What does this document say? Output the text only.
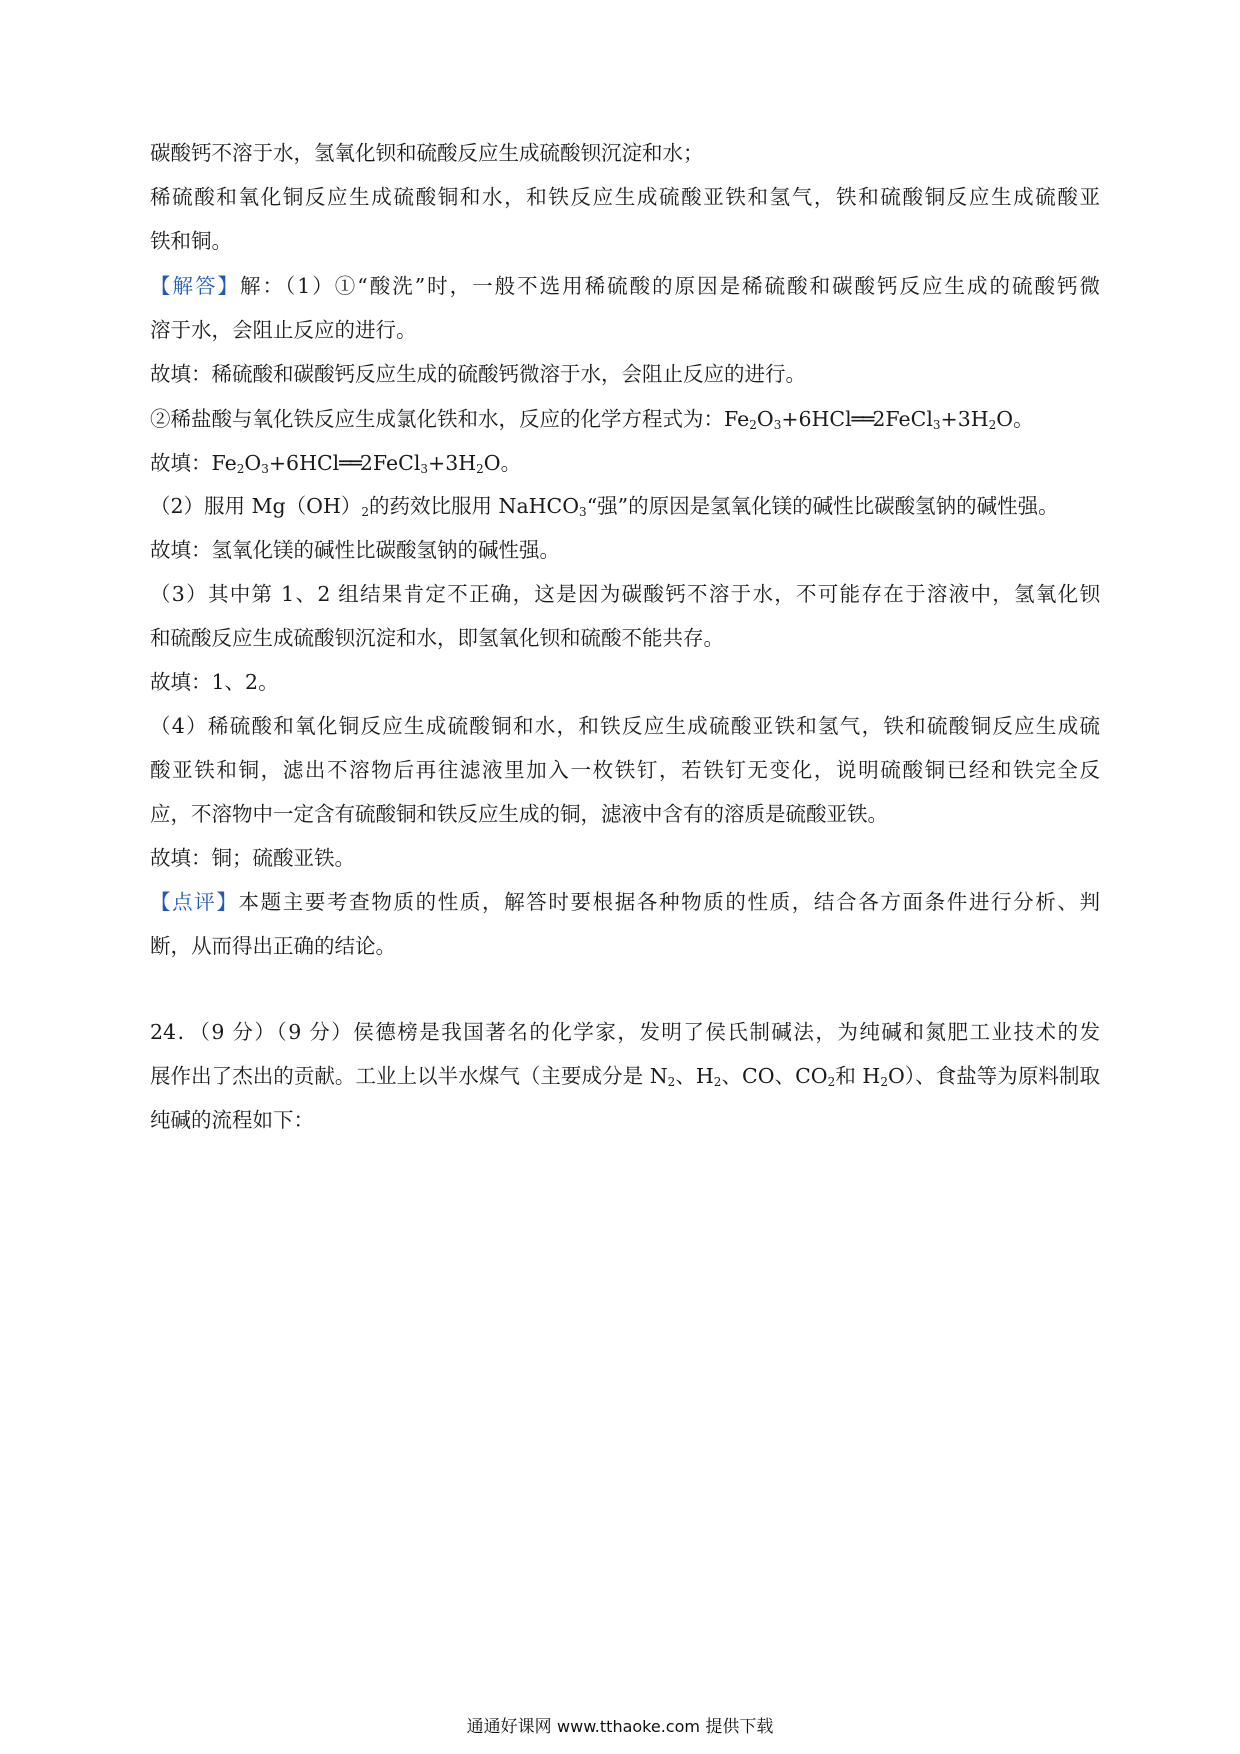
碳酸钙不溶于水，氢氧化钡和硫酸反应生成硫酸钡沉淀和水；
稀硫酸和氧化铜反应生成硫酸铜和水，和铁反应生成硫酸亚铁和氢气，铁和硫酸铜反应生成硫酸亚
铁和铜。
【解答】解：（1）①“酸洗”时，一般不选用稀硫酸的原因是稀硫酸和碳酸钙反应生成的硫酸钙微
溶于水，会阻止反应的进行。
故填：稀硫酸和碳酸钙反应生成的硫酸钙微溶于水，会阻止反应的进行。
②稀盐酸与氧化铁反应生成氯化铁和水，反应的化学方程式为：$Fe_2O_3+6HCl══2FeCl_3+3H_2O$。
故填：$Fe_2O_3+6HCl══2FeCl_3+3H_2O$。
（2）服用 $Mg(OH)_2$的药效比服用 NaHCO$_3$“强”的原因是氢氧化镁的碱性比碳酸氢钠的碱性强。
故填：氢氧化镁的碱性比碳酸氢钠的碱性强。
（3）其中第 1、2 组结果肯定不正确，这是因为碳酸钙不溶于水，不可能存在于溶液中，氢氧化钡
和硫酸反应生成硫酸钡沉淀和水，即氢氧化钡和硫酸不能共存。
故填：1、2。
（4）稀硫酸和氧化铜反应生成硫酸铜和水，和铁反应生成硫酸亚铁和氢气，铁和硫酸铜反应生成硫
酸亚铁和铜，滤出不溶物后再往滤液里加入一枚铁钉，若铁钉无变化，说明硫酸铜已经和铁完全反
应，不溶物中一定含有硫酸铜和铁反应生成的铜，滤液中含有的溶质是硫酸亚铁。
故填：铜；硫酸亚铁。
【点评】本题主要考查物质的性质，解答时要根据各种物质的性质，结合各方面条件进行分析、判
断，从而得出正确的结论。
24．（9 分）（9 分）侯德榜是我国著名的化学家，发明了侯氏制碱法，为纯碱和氮肥工业技术的发
展作出了杰出的贡献。工业上以半水煤气（主要成分是 $N_2$、$H_2$、CO、$CO_2$和 $H_2O$）、食盐等为原料制取
纯碱的流程如下：
通通好课网 www.tthaoke.com 提供下载
